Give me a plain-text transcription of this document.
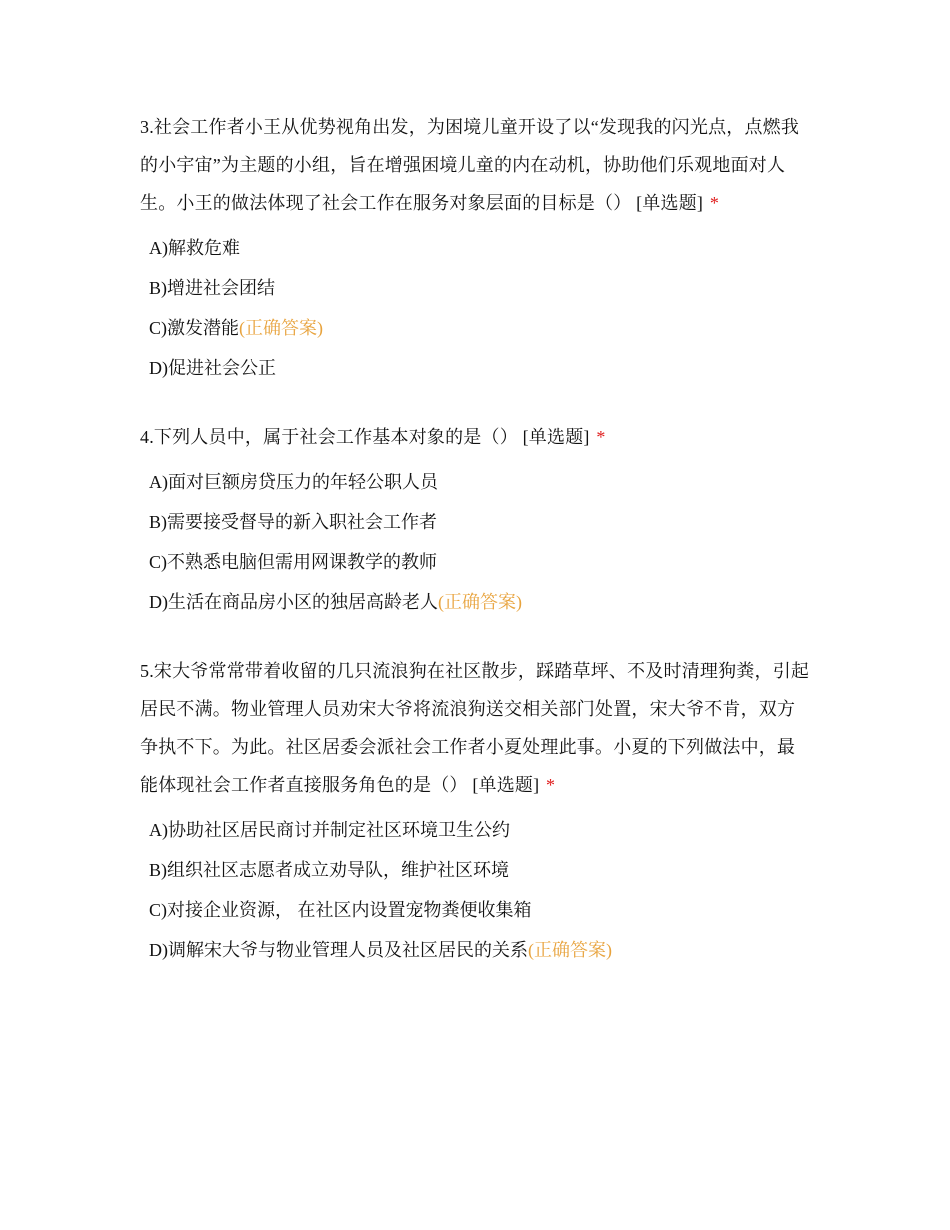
3.社会工作者小王从优势视角出发，为困境儿童开设了以“发现我的闪光点，点燃我的小宇宙”为主题的小组，旨在增强困境儿童的内在动机，协助他们乐观地面对人生。小王的做法体现了社会工作在服务对象层面的目标是（） [单选题] *

A)解救危难
B)增进社会团结
C)激发潜能(正确答案)
D)促进社会公正

4.下列人员中，属于社会工作基本对象的是（） [单选题] *

A)面对巨额房贷压力的年轻公职人员
B)需要接受督导的新入职社会工作者
C)不熟悉电脑但需用网课教学的教师
D)生活在商品房小区的独居高龄老人(正确答案)

5.宋大爷常常带着收留的几只流浪狗在社区散步，踩踏草坪、不及时清理狗粪，引起居民不满。物业管理人员劝宋大爷将流浪狗送交相关部门处置，宋大爷不肯，双方争执不下。为此。社区居委会派社会工作者小夏处理此事。小夏的下列做法中，最能体现社会工作者直接服务角色的是（） [单选题] *

A)协助社区居民商讨并制定社区环境卫生公约
B)组织社区志愿者成立劝导队，维护社区环境
C)对接企业资源， 在社区内设置宠物粪便收集箱
D)调解宋大爷与物业管理人员及社区居民的关系(正确答案)
